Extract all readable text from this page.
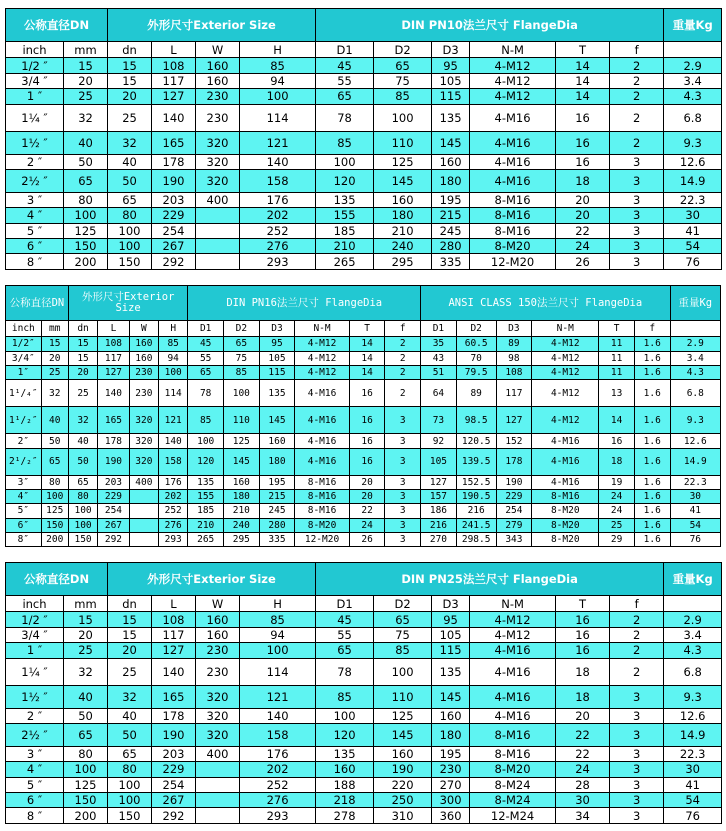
公称直径DN		外形尺寸Exterior Size				DIN PN10法兰尺寸 FlangeDia						重量Kg
inch	mm	dn	L	W	H	D1	D2	D3	N-M	T	f	
1/2 ″	15	15	108	160	85	45	65	95	4-M12	14	2	2.9
3/4 ″	20	15	117	160	94	55	75	105	4-M12	14	2	3.4
1 ″	25	20	127	230	100	65	85	115	4-M12	14	2	4.3
1¼ ″	32	25	140	230	114	78	100	135	4-M16	16	2	6.8
1½ ″	40	32	165	320	121	85	110	145	4-M16	16	2	9.3
2 ″	50	40	178	320	140	100	125	160	4-M16	16	3	12.6
2½ ″	65	50	190	320	158	120	145	180	4-M16	18	3	14.9
3 ″	80	65	203	400	176	135	160	195	8-M16	20	3	22.3
4 ″	100	80	229		202	155	180	215	8-M16	20	3	30
5 ″	125	100	254		252	185	210	245	8-M16	22	3	41
6 ″	150	100	267		276	210	240	280	8-M20	24	3	54
8 ″	200	150	292		293	265	295	335	12-M20	26	3	76
公称直径DN		外形尺寸Exterior Size				DIN PN16法兰尺寸 FlangeDia						ANSI CLASS 150法兰尺寸 FlangeDia						重量Kg
inch	mm	dn	L	W	H	D1	D2	D3	N-M	T	f	D1	D2	D3	N-M	T	f	
1/2″	15	15	108	160	85	45	65	95	4-M12	14	2	35	60.5	89	4-M12	11	1.6	2.9
3/4″	20	15	117	160	94	55	75	105	4-M12	14	2	43	70	98	4-M12	11	1.6	3.4
1″	25	20	127	230	100	65	85	115	4-M12	14	2	51	79.5	108	4-M12	11	1.6	4.3
1¹/₄″	32	25	140	230	114	78	100	135	4-M16	16	2	64	89	117	4-M12	13	1.6	6.8
1¹/₂″	40	32	165	320	121	85	110	145	4-M16	16	3	73	98.5	127	4-M12	14	1.6	9.3
2″	50	40	178	320	140	100	125	160	4-M16	16	3	92	120.5	152	4-M16	16	1.6	12.6
2¹/₂″	65	50	190	320	158	120	145	180	4-M16	16	3	105	139.5	178	4-M16	18	1.6	14.9
3″	80	65	203	400	176	135	160	195	8-M16	20	3	127	152.5	190	4-M16	19	1.6	22.3
4″	100	80	229		202	155	180	215	8-M16	20	3	157	190.5	229	8-M16	24	1.6	30
5″	125	100	254		252	185	210	245	8-M16	22	3	186	216	254	8-M20	24	1.6	41
6″	150	100	267		276	210	240	280	8-M20	24	3	216	241.5	279	8-M20	25	1.6	54
8″	200	150	292		293	265	295	335	12-M20	26	3	270	298.5	343	8-M20	29	1.6	76
公称直径DN		外形尺寸Exterior Size				DIN PN25法兰尺寸 FlangeDia						重量Kg
inch	mm	dn	L	W	H	D1	D2	D3	N-M	T	f	
1/2 ″	15	15	108	160	85	45	65	95	4-M12	16	2	2.9
3/4 ″	20	15	117	160	94	55	75	105	4-M12	16	2	3.4
1 ″	25	20	127	230	100	65	85	115	4-M16	16	2	4.3
1¼ ″	32	25	140	230	114	78	100	135	4-M16	18	2	6.8
1½ ″	40	32	165	320	121	85	110	145	4-M16	18	3	9.3
2 ″	50	40	178	320	140	100	125	160	4-M16	20	3	12.6
2½ ″	65	50	190	320	158	120	145	180	8-M16	22	3	14.9
3 ″	80	65	203	400	176	135	160	195	8-M16	22	3	22.3
4 ″	100	80	229		202	160	190	230	8-M20	24	3	30
5 ″	125	100	254		252	188	220	270	8-M24	28	3	41
6 ″	150	100	267		276	218	250	300	8-M24	30	3	54
8 ″	200	150	292		293	278	310	360	12-M24	34	3	76
